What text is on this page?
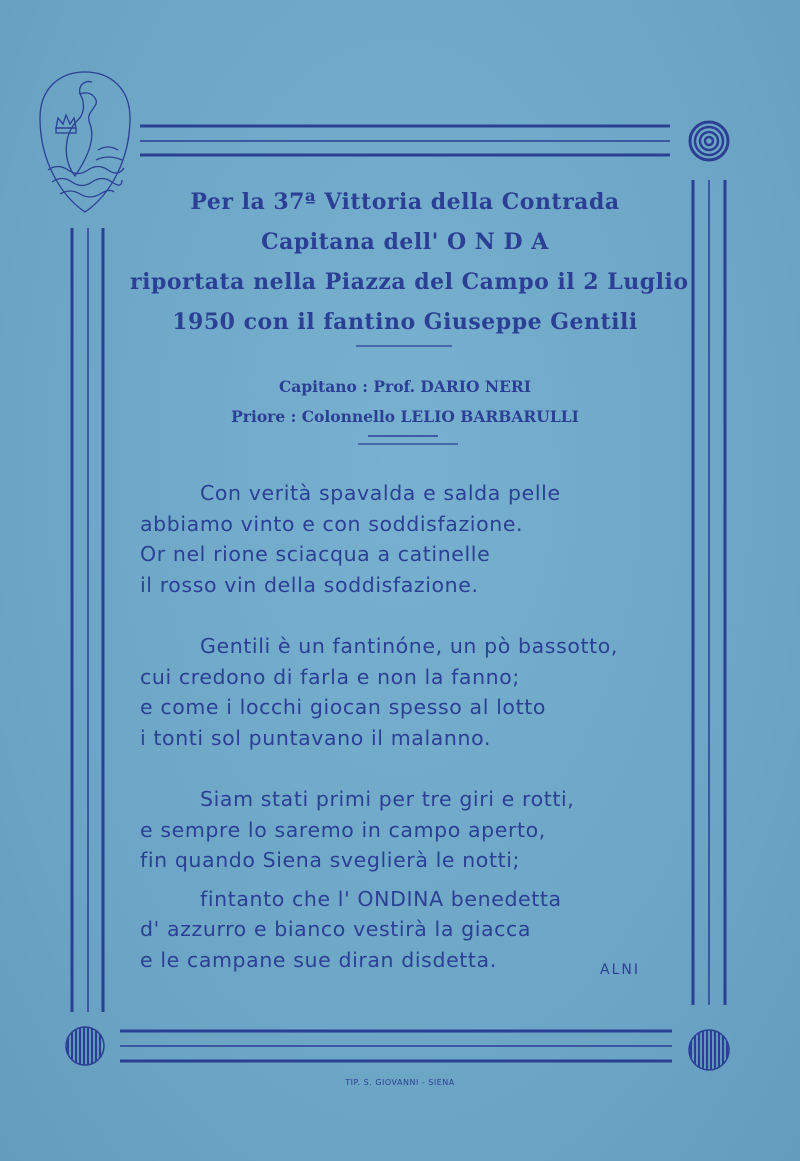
Per la 37ª Vittoria della Contrada
Capitana dell' O N D A
riportata nella Piazza del Campo il 2 Luglio
1950 con il fantino Giuseppe Gentili
Capitano : Prof. DARIO NERI
Priore : Colonnello LELIO BARBARULLI
Con verità spavalda e salda pelle
abbiamo vinto e con soddisfazione.
Or nel rione sciacqua a catinelle
il rosso vin della soddisfazione.
Gentili è un fantinóne, un pò bassotto,
cui credono di farla e non la fanno;
e come i locchi giocan spesso al lotto
i tonti sol puntavano il malanno.
Siam stati primi per tre giri e rotti,
e sempre lo saremo in campo aperto,
fin quando Siena sveglierà le notti;
fintanto che l' ONDINA benedetta
d' azzurro e bianco vestirà la giacca
e le campane sue diran disdetta.	ALNI
TIP. S. GIOVANNI - SIENA
